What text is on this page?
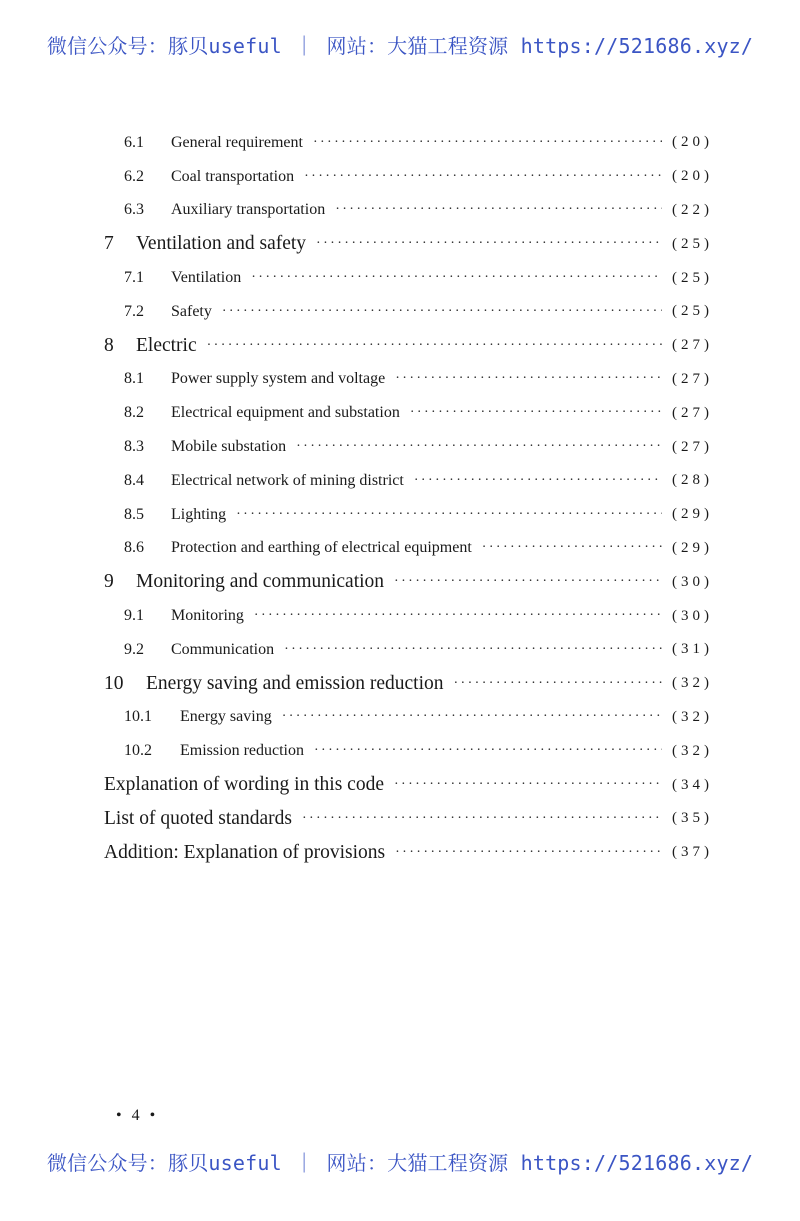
微信公众号：豚贝useful ｜ 网站：大猫工程资源 https://521686.xyz/
6.1	General requirement ·····	(20)
6.2	Coal transportation ·····	(20)
6.3	Auxiliary transportation ·····	(22)
7	Ventilation and safety ·····	(25)
7.1	Ventilation ·····	(25)
7.2	Safety ·····	(25)
8	Electric ·····	(27)
8.1	Power supply system and voltage ·····	(27)
8.2	Electrical equipment and substation ·····	(27)
8.3	Mobile substation ·····	(27)
8.4	Electrical network of mining district ·····	(28)
8.5	Lighting ·····	(29)
8.6	Protection and earthing of electrical equipment ·····	(29)
9	Monitoring and communication ·····	(30)
9.1	Monitoring ·····	(30)
9.2	Communication ·····	(31)
10	Energy saving and emission reduction ·····	(32)
10.1	Energy saving ·····	(32)
10.2	Emission reduction ·····	(32)
Explanation of wording in this code ·····	(34)
List of quoted standards ·····	(35)
Addition: Explanation of provisions ·····	(37)
• 4 •
微信公众号：豚贝useful ｜ 网站：大猫工程资源 https://521686.xyz/
